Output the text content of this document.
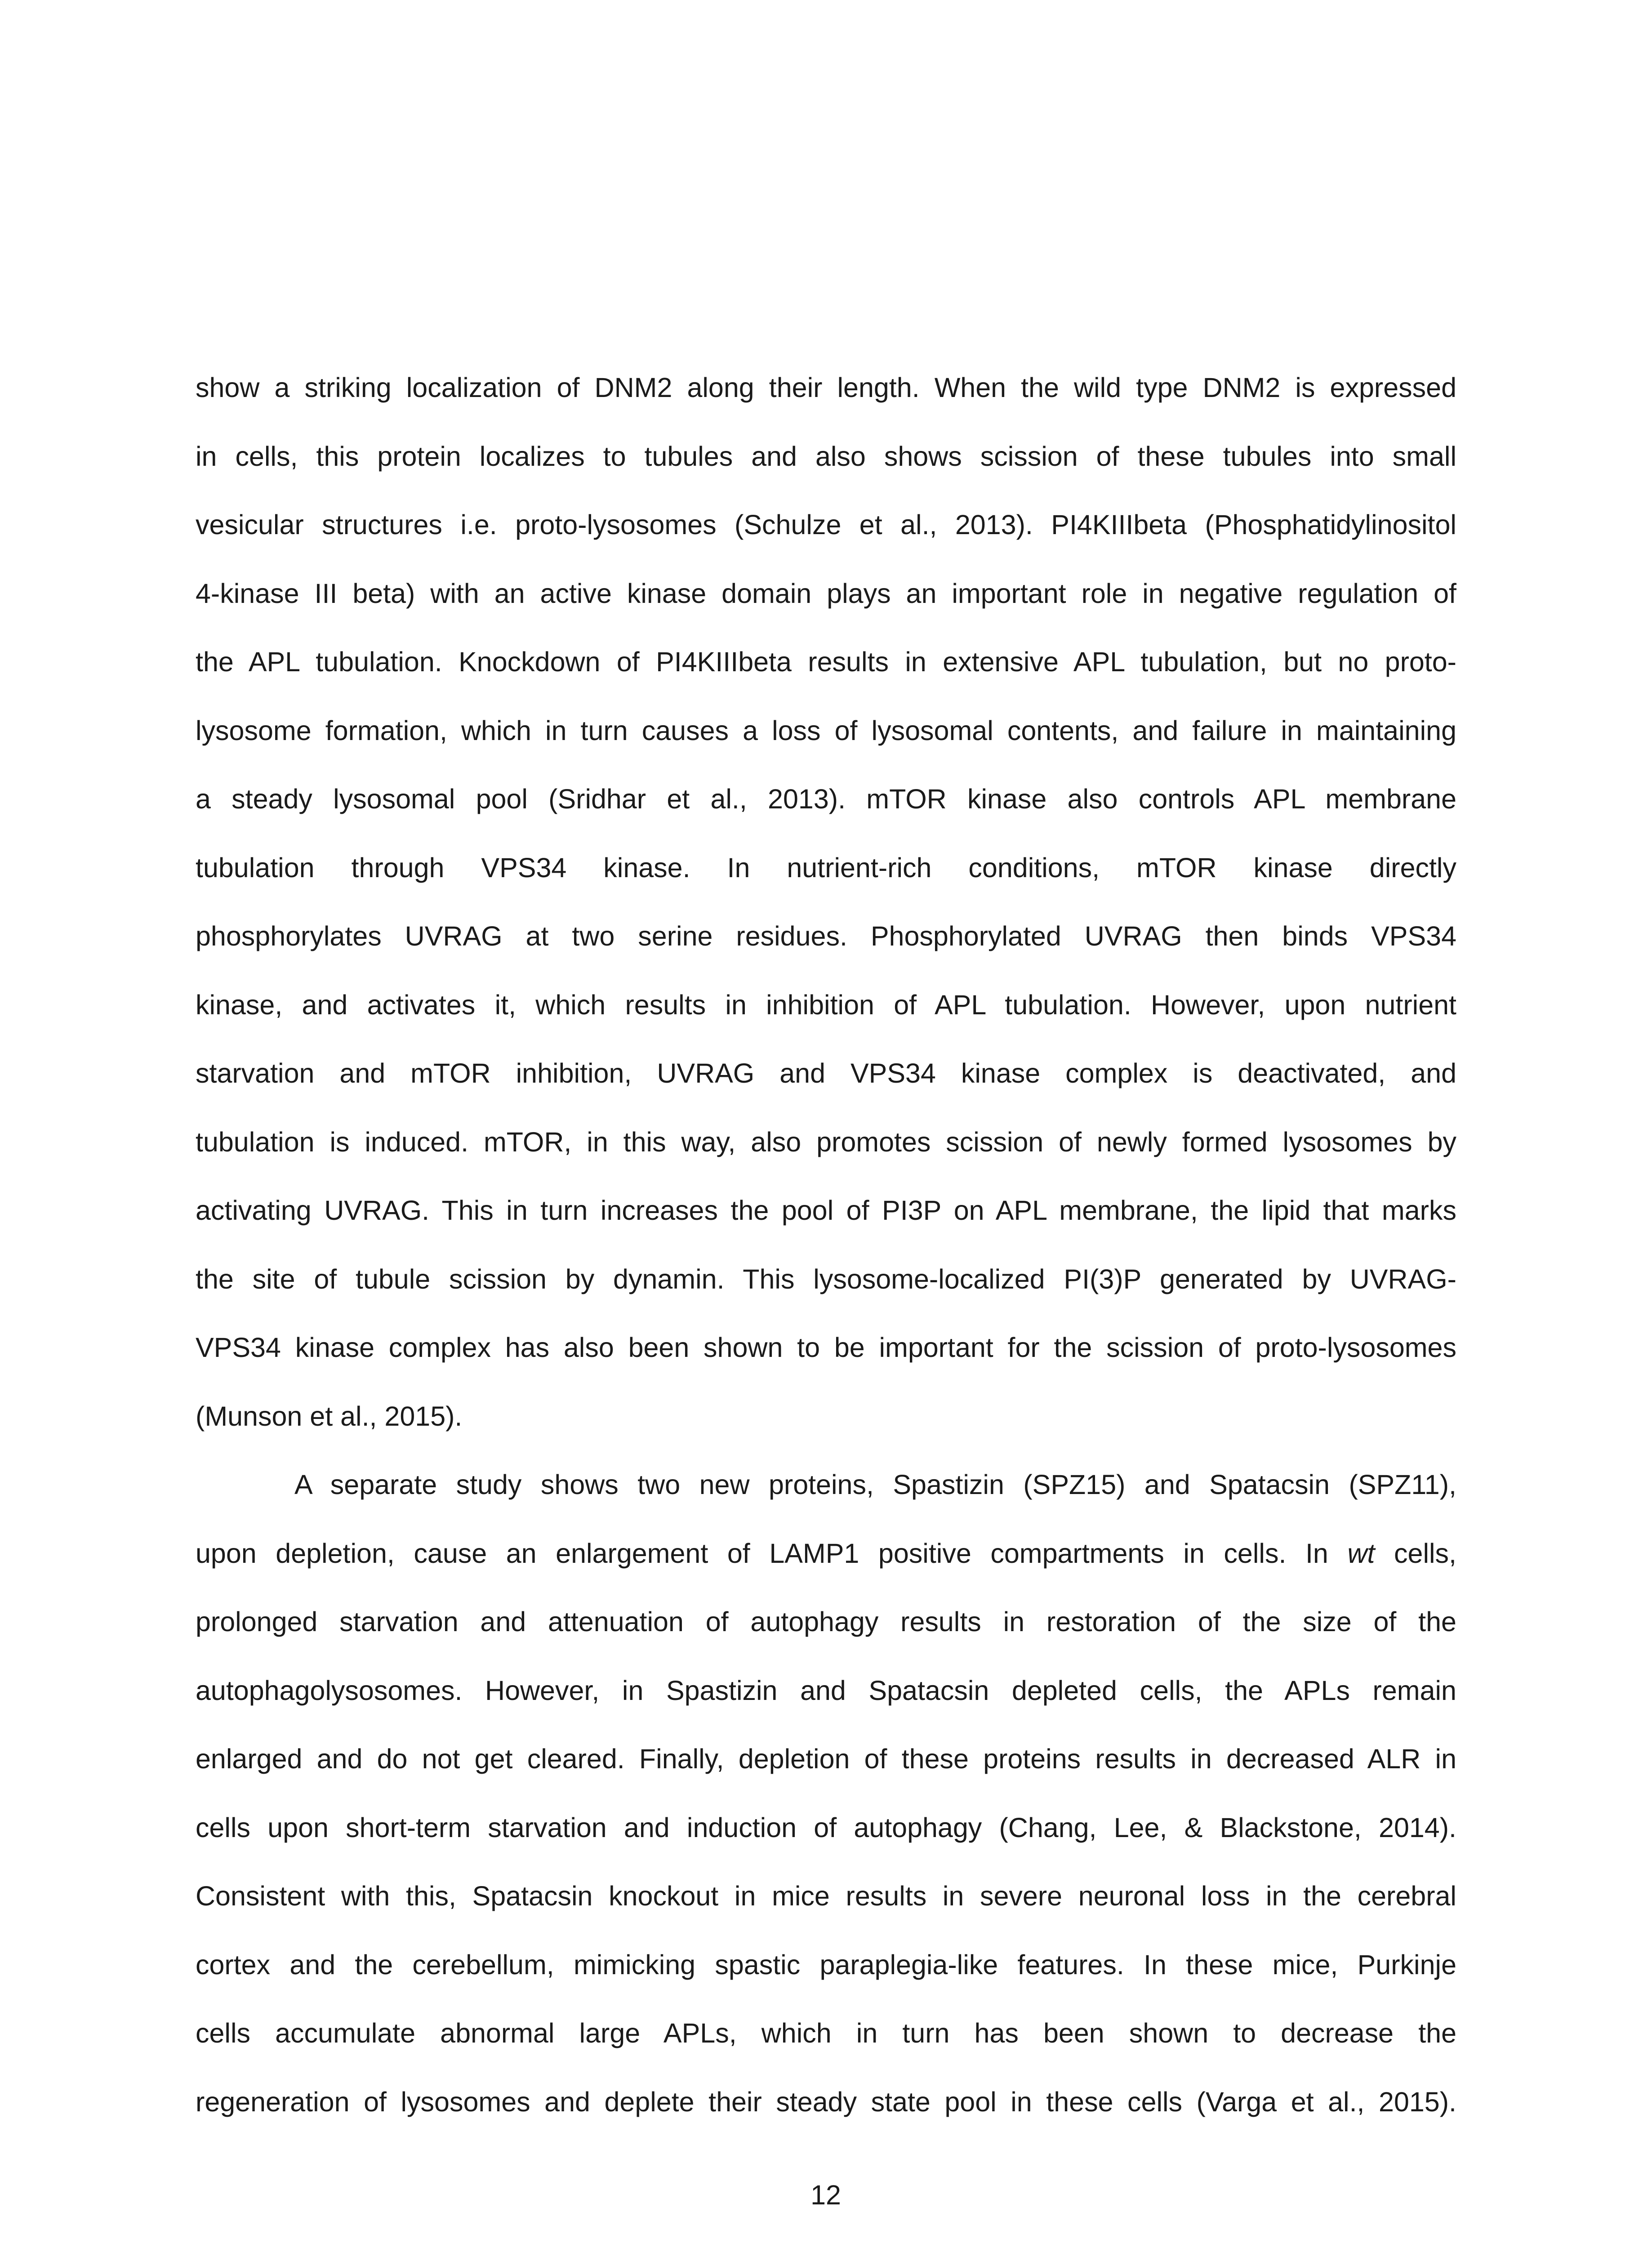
show a striking localization of DNM2 along their length. When the wild type DNM2 is expressed

in cells, this protein localizes to tubules and also shows scission of these tubules into small

vesicular structures i.e. proto-lysosomes (Schulze et al., 2013). PI4KIIIbeta (Phosphatidylinositol

4-kinase III beta) with an active kinase domain plays an important role in negative regulation of

the APL tubulation. Knockdown of PI4KIIIbeta results in extensive APL tubulation, but no proto-

lysosome formation, which in turn causes a loss of lysosomal contents, and failure in maintaining

a steady lysosomal pool (Sridhar et al., 2013). mTOR kinase also controls APL membrane

tubulation through VPS34 kinase. In nutrient-rich conditions, mTOR kinase directly

phosphorylates UVRAG at two serine residues. Phosphorylated UVRAG then binds VPS34

kinase, and activates it, which results in inhibition of APL tubulation. However, upon nutrient

starvation and mTOR inhibition, UVRAG and VPS34 kinase complex is deactivated, and

tubulation is induced. mTOR, in this way, also promotes scission of newly formed lysosomes by

activating UVRAG. This in turn increases the pool of PI3P on APL membrane, the lipid that marks

the site of tubule scission by dynamin. This lysosome-localized PI(3)P generated by UVRAG-

VPS34 kinase complex has also been shown to be important for the scission of proto-lysosomes

(Munson et al., 2015).

A separate study shows two new proteins, Spastizin (SPZ15) and Spatacsin (SPZ11),

upon depletion, cause an enlargement of LAMP1 positive compartments in cells. In wt cells,

prolonged starvation and attenuation of autophagy results in restoration of the size of the

autophagolysosomes. However, in Spastizin and Spatacsin depleted cells, the APLs remain

enlarged and do not get cleared. Finally, depletion of these proteins results in decreased ALR in

cells upon short-term starvation and induction of autophagy (Chang, Lee, & Blackstone, 2014).

Consistent with this, Spatacsin knockout in mice results in severe neuronal loss in the cerebral

cortex and the cerebellum, mimicking spastic paraplegia-like features. In these mice, Purkinje

cells accumulate abnormal large APLs, which in turn has been shown to decrease the

regeneration of lysosomes and deplete their steady state pool in these cells (Varga et al., 2015).

12
